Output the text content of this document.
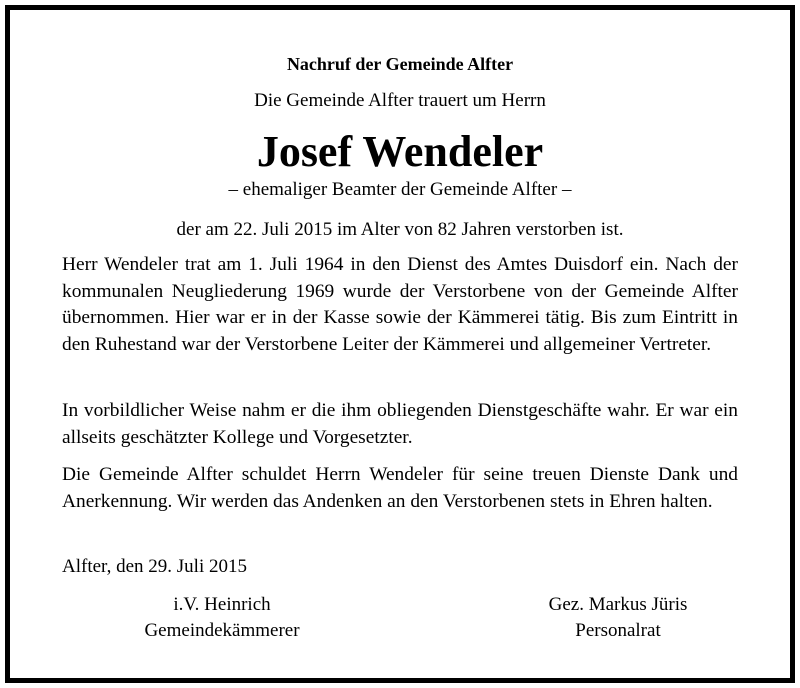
Nachruf der Gemeinde Alfter
Die Gemeinde Alfter trauert um Herrn
Josef Wendeler
– ehemaliger Beamter der Gemeinde Alfter –
der am 22. Juli 2015 im Alter von 82 Jahren verstorben ist.

Herr Wendeler trat am 1. Juli 1964 in den Dienst des Amtes Duisdorf ein. Nach der kommunalen Neugliederung 1969 wurde der Verstorbene von der Gemeinde Alfter übernommen. Hier war er in der Kasse sowie der Kämmerei tätig. Bis zum Eintritt in den Ruhestand war der Verstorbene Leiter der Kämmerei und allgemeiner Vertreter.

In vorbildlicher Weise nahm er die ihm obliegenden Dienstgeschäfte wahr. Er war ein allseits geschätzter Kollege und Vorgesetzter.

Die Gemeinde Alfter schuldet Herrn Wendeler für seine treuen Dienste Dank und Anerkennung. Wir werden das Andenken an den Verstorbenen stets in Ehren halten.

Alfter, den 29. Juli 2015
i.V. Heinrich
Gemeindekämmerer
Gez. Markus Jüris
Personalrat
